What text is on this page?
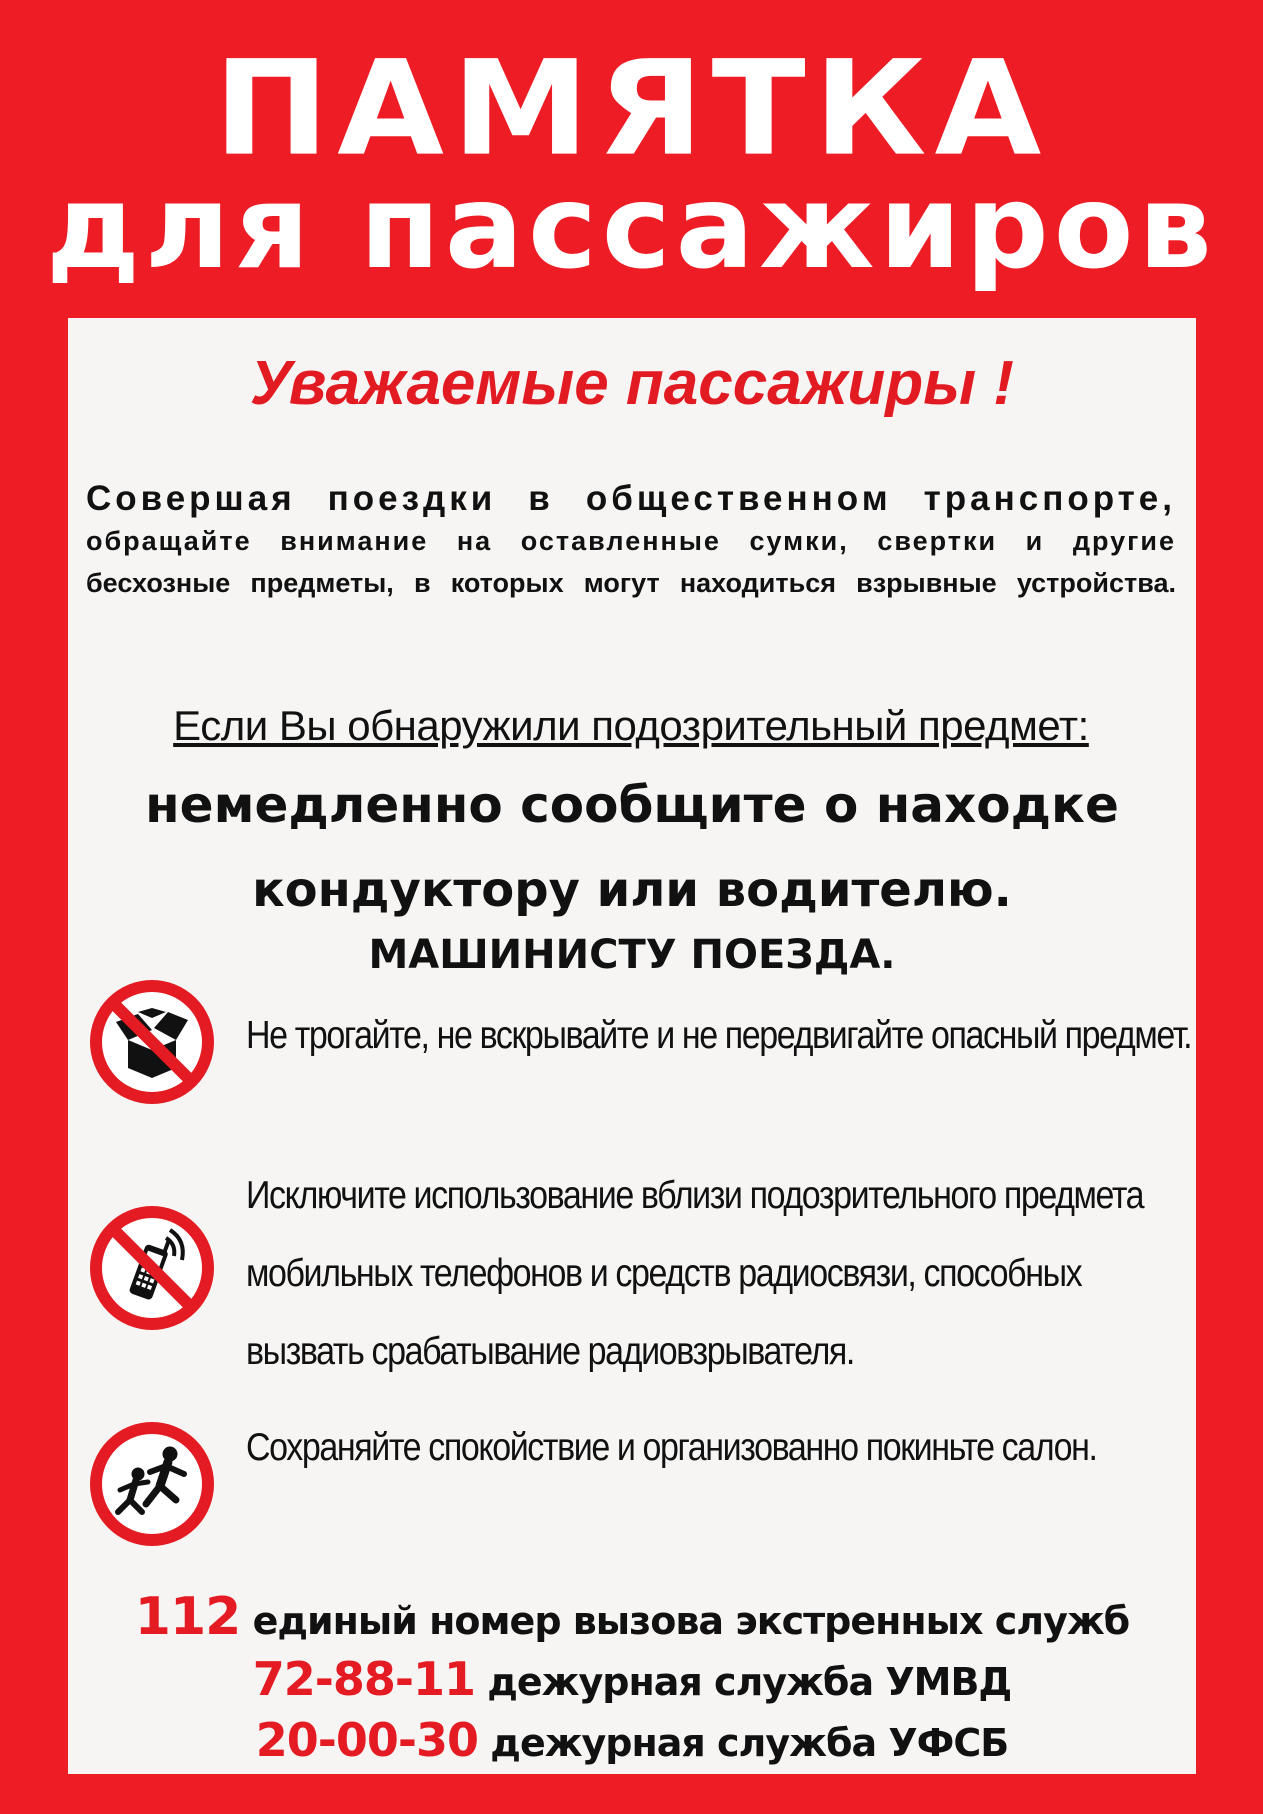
ПАМЯТКА
для пассажиров
Уважаемые пассажиры !
Совершая поездки в общественном транспорте,
обращайте внимание на оставленные сумки, свертки и другие
бесхозные предметы, в которых могут находиться взрывные устройства.
Если Вы обнаружили подозрительный предмет:
немедленно сообщите о находке
кондуктору или водителю.
МАШИНИСТУ ПОЕЗДА.
Не трогайте, не вскрывайте и не передвигайте опасный предмет.
Исключите использование вблизи подозрительного предмета
мобильных телефонов и средств радиосвязи, способных
вызвать срабатывание радиовзрывателя.
Сохраняйте спокойствие и организованно покиньте салон.
112 единый номер вызова экстренных служб
72-88-11 дежурная служба УМВД
20-00-30 дежурная служба УФСБ
